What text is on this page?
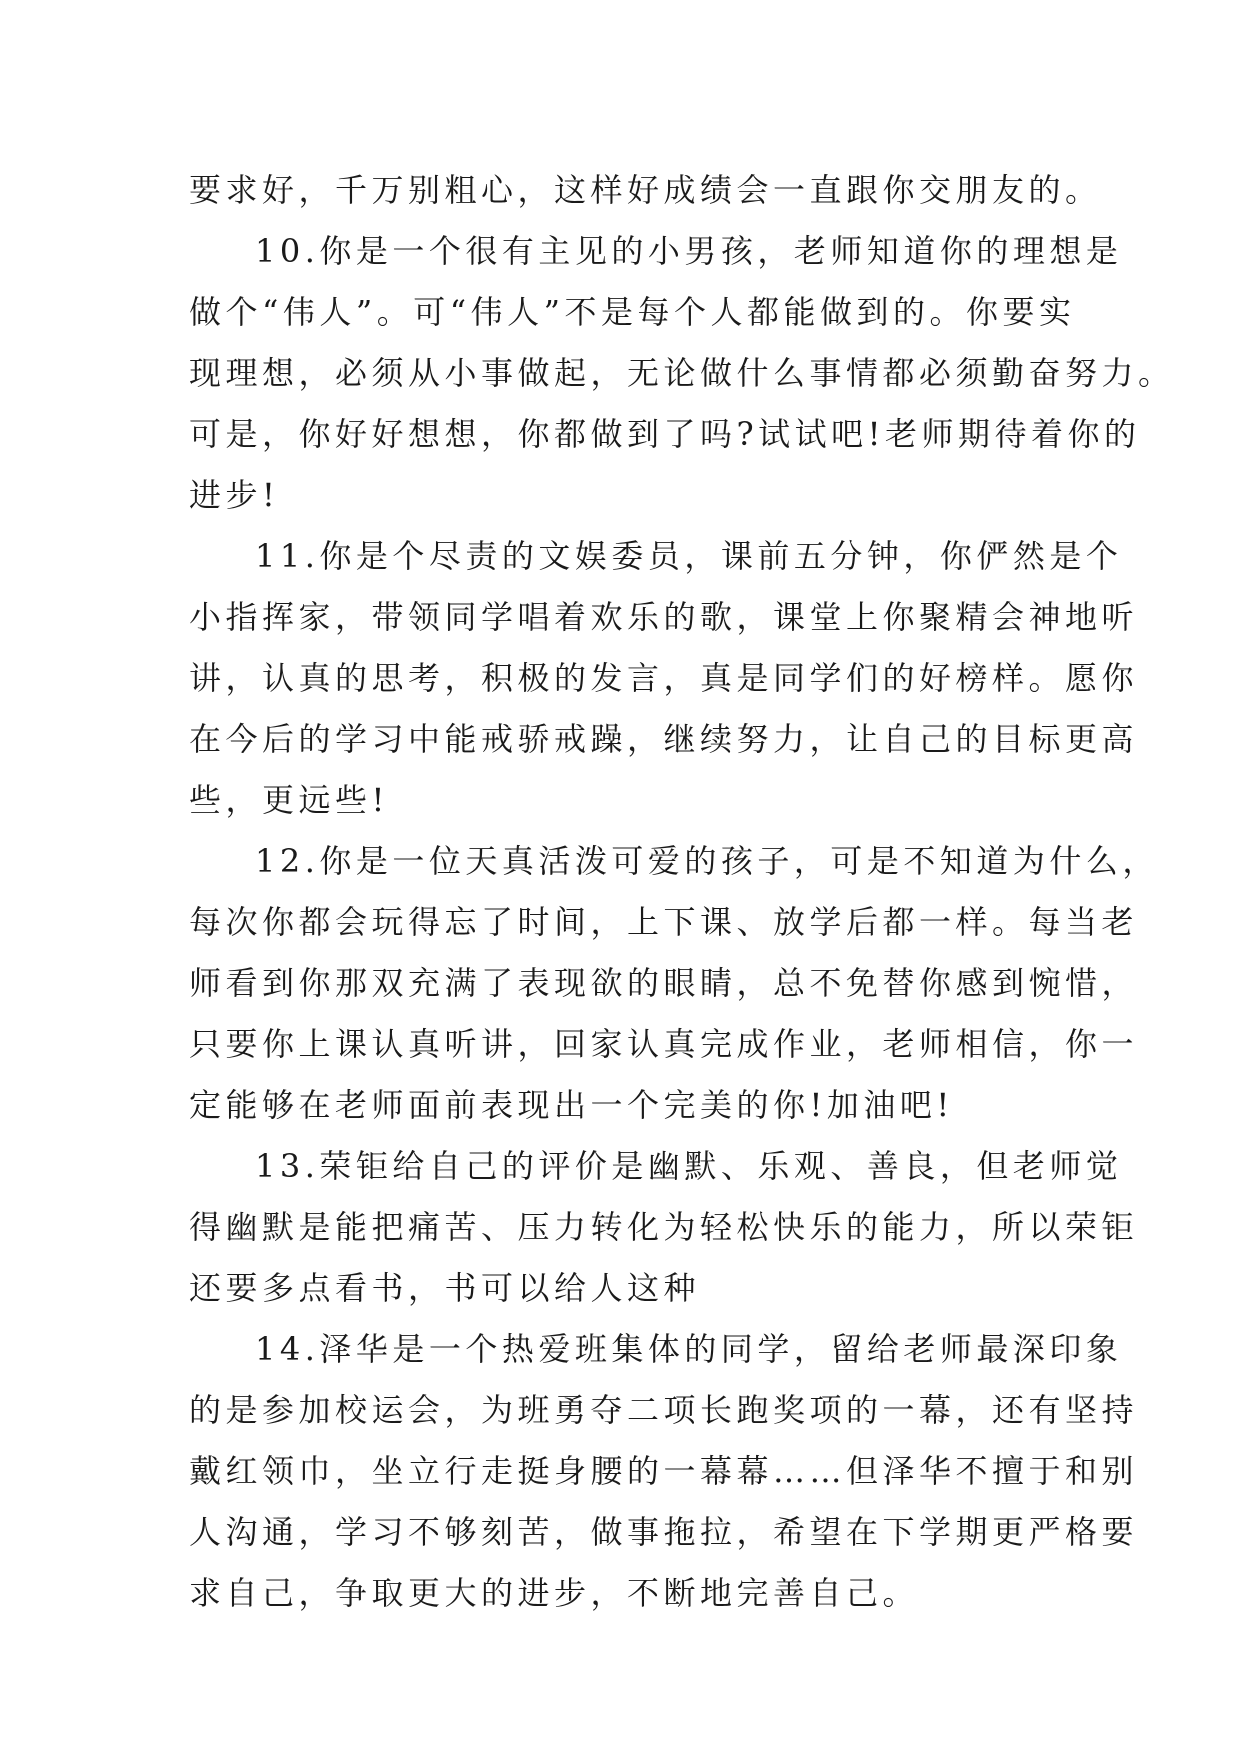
要求好，千万别粗心，这样好成绩会一直跟你交朋友的。

10.你是一个很有主见的小男孩，老师知道你的理想是
做个“伟人”。可“伟人”不是每个人都能做到的。你要实
现理想，必须从小事做起，无论做什么事情都必须勤奋努力。
可是，你好好想想，你都做到了吗?试试吧!老师期待着你的
进步!

11.你是个尽责的文娱委员，课前五分钟，你俨然是个
小指挥家，带领同学唱着欢乐的歌，课堂上你聚精会神地听
讲，认真的思考，积极的发言，真是同学们的好榜样。愿你
在今后的学习中能戒骄戒躁，继续努力，让自己的目标更高
些，更远些!

12.你是一位天真活泼可爱的孩子，可是不知道为什么，
每次你都会玩得忘了时间，上下课、放学后都一样。每当老
师看到你那双充满了表现欲的眼睛，总不免替你感到惋惜，
只要你上课认真听讲，回家认真完成作业，老师相信，你一
定能够在老师面前表现出一个完美的你!加油吧!

13.荣钜给自己的评价是幽默、乐观、善良，但老师觉
得幽默是能把痛苦、压力转化为轻松快乐的能力，所以荣钜
还要多点看书，书可以给人这种

14.泽华是一个热爱班集体的同学，留给老师最深印象
的是参加校运会，为班勇夺二项长跑奖项的一幕，还有坚持
戴红领巾，坐立行走挺身腰的一幕幕……但泽华不擅于和别
人沟通，学习不够刻苦，做事拖拉，希望在下学期更严格要
求自己，争取更大的进步，不断地完善自己。
